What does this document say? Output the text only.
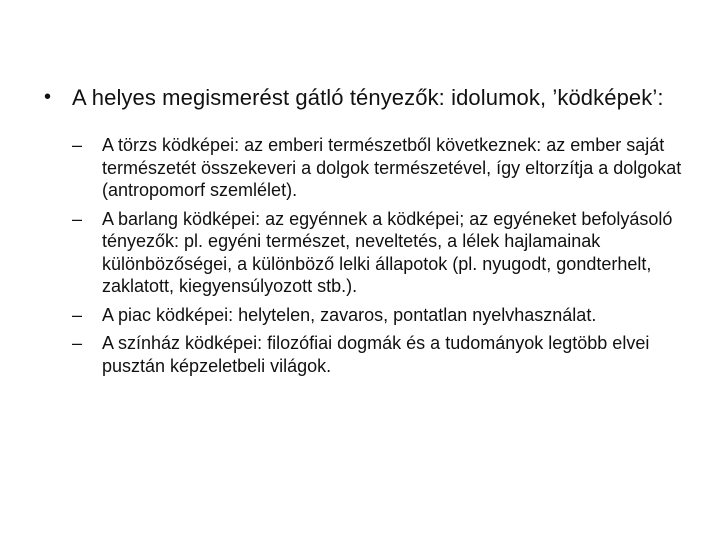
• A helyes megismerést gátló tényezők: idolumok, ’ködképek’:
– A törzs ködképei: az emberi természetből következnek: az ember saját természetét összekeveri a dolgok természetével, így eltorzítja a dolgokat (antropomorf szemlélet).
– A barlang ködképei: az egyénnek a ködképei; az egyéneket befolyásoló tényezők: pl. egyéni természet, neveltetés, a lélek hajlamainak különbözőségei, a különböző lelki állapotok (pl. nyugodt, gondterhelt, zaklatott, kiegyensúlyozott stb.).
– A piac ködképei: helytelen, zavaros, pontatlan nyelvhasználat.
– A színház ködképei: filozófiai dogmák és a tudományok legtöbb elvei pusztán képzeletbeli világok.
